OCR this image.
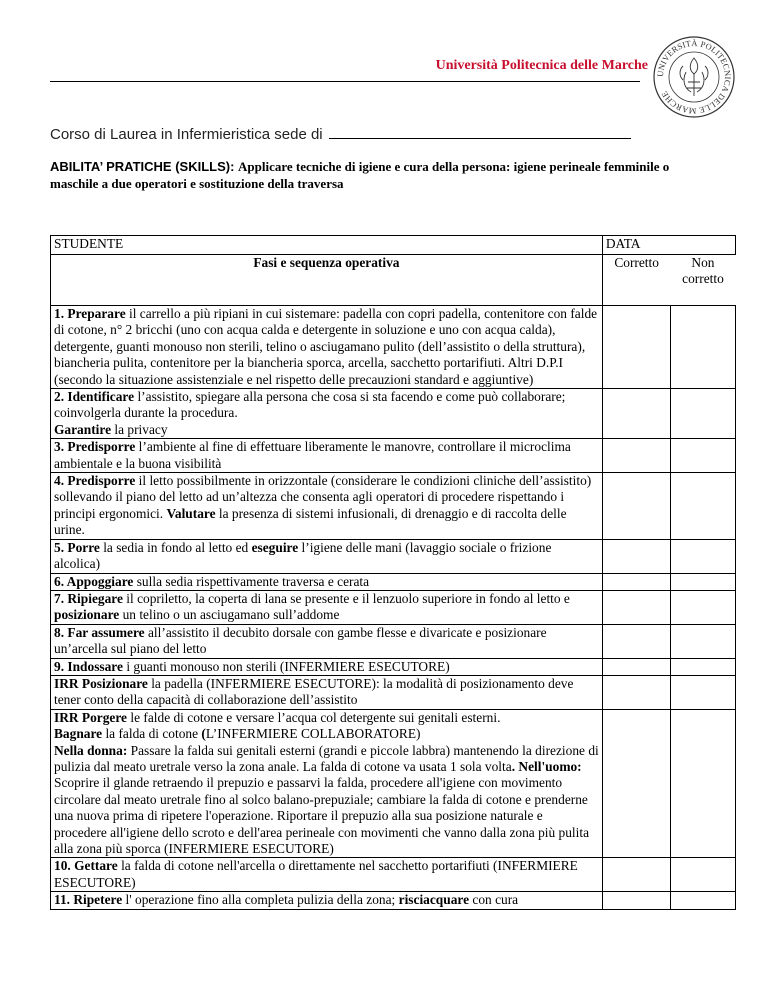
Università Politecnica delle Marche
UNIVERSITÀ POLITECNICA DELLE MARCHE
Corso di Laurea in Infermieristica sede di
ABILITA’ PRATICHE (SKILLS): Applicare tecniche di igiene e cura della persona: igiene perineale femminile o maschile a due operatori e sostituzione della traversa
STUDENTE	DATA	
Fasi e sequenza operativa	Corretto	Non corretto
1. Preparare il carrello a più ripiani in cui sistemare: padella con copri padella, contenitore con falde di cotone, n° 2 bricchi (uno con acqua calda e detergente in soluzione e uno con acqua calda), detergente, guanti monouso non sterili, telino o asciugamano pulito (dell’assistito o della struttura), biancheria pulita, contenitore per la biancheria sporca, arcella, sacchetto portarifiuti. Altri D.P.I (secondo la situazione assistenziale e nel rispetto delle precauzioni standard e aggiuntive)		
2. Identificare l’assistito, spiegare alla persona che cosa si sta facendo e come può collaborare; coinvolgerla durante la procedura.
Garantire la privacy		
3. Predisporre l’ambiente al fine di effettuare liberamente le manovre, controllare il microclima ambientale e la buona visibilità		
4. Predisporre il letto possibilmente in orizzontale (considerare le condizioni cliniche dell’assistito) sollevando il piano del letto ad un’altezza che consenta agli operatori di procedere rispettando i principi ergonomici. Valutare la presenza di sistemi infusionali, di drenaggio e di raccolta delle urine.		
5. Porre la sedia in fondo al letto ed eseguire l’igiene delle mani (lavaggio sociale o frizione alcolica)		
6. Appoggiare sulla sedia rispettivamente traversa e cerata		
7. Ripiegare il copriletto, la coperta di lana se presente e il lenzuolo superiore in fondo al letto e posizionare un telino o un asciugamano sull’addome		
8. Far assumere all’assistito il decubito dorsale con gambe flesse e divaricate e posizionare un’arcella sul piano del letto		
9. Indossare i guanti monouso non sterili (INFERMIERE ESECUTORE)		
IRR Posizionare la padella (INFERMIERE ESECUTORE): la modalità di posizionamento deve tener conto della capacità di collaborazione dell’assistito		
IRR Porgere le falde di cotone e versare l’acqua col detergente sui genitali esterni.
Bagnare la falda di cotone (L’INFERMIERE COLLABORATORE)
Nella donna: Passare la falda sui genitali esterni (grandi e piccole labbra) mantenendo la direzione di pulizia dal meato uretrale verso la zona anale. La falda di cotone va usata 1 sola volta. Nell'uomo: Scoprire il glande retraendo il prepuzio e passarvi la falda, procedere all'igiene con movimento circolare dal meato uretrale fino al solco balano-prepuziale; cambiare la falda di cotone e prenderne una nuova prima di ripetere l'operazione. Riportare il prepuzio alla sua posizione naturale e procedere all'igiene dello scroto e dell'area perineale con movimenti che vanno dalla zona più pulita alla zona più sporca (INFERMIERE ESECUTORE)		
10. Gettare la falda di cotone nell'arcella o direttamente nel sacchetto portarifiuti (INFERMIERE ESECUTORE)		
11. Ripetere l' operazione fino alla completa pulizia della zona; risciacquare con cura		
